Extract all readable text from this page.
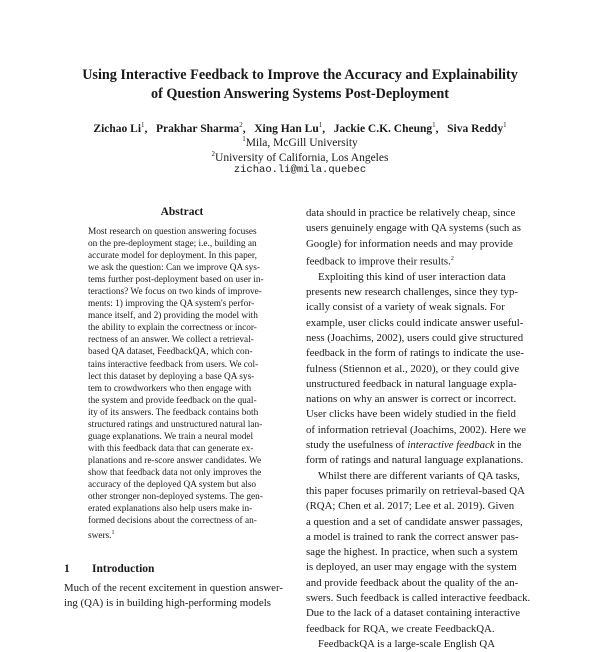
Using Interactive Feedback to Improve the Accuracy and Explainability
of Question Answering Systems Post-Deployment
Zichao Li$^1$,   Prakhar Sharma$^2$,   Xing Han Lu$^1$,   Jackie C.K. Cheung$^1$,   Siva Reddy$^1$
$^1$Mila, McGill University
$^2$University of California, Los Angeles
zichao.li@mila.quebec
Abstract
Most research on question answering focuses
on the pre-deployment stage; i.e., building an
accurate model for deployment. In this paper,
we ask the question: Can we improve QA sys-
tems further post-deployment based on user in-
teractions? We focus on two kinds of improve-
ments: 1) improving the QA system's perfor-
mance itself, and 2) providing the model with
the ability to explain the correctness or incor-
rectness of an answer. We collect a retrieval-
based QA dataset, FeedbackQA, which con-
tains interactive feedback from users. We col-
lect this dataset by deploying a base QA sys-
tem to crowdworkers who then engage with
the system and provide feedback on the qual-
ity of its answers. The feedback contains both
structured ratings and unstructured natural lan-
guage explanations. We train a neural model
with this feedback data that can generate ex-
planations and re-score answer candidates. We
show that feedback data not only improves the
accuracy of the deployed QA system but also
other stronger non-deployed systems. The gen-
erated explanations also help users make in-
formed decisions about the correctness of an-
swers.$^1$
1 Introduction
Much of the recent excitement in question answer-
ing (QA) is in building high-performing models
data should in practice be relatively cheap, since
users genuinely engage with QA systems (such as
Google) for information needs and may provide
feedback to improve their results.$^2$
Exploiting this kind of user interaction data
presents new research challenges, since they typ-
ically consist of a variety of weak signals. For
example, user clicks could indicate answer useful-
ness (Joachims, 2002), users could give structured
feedback in the form of ratings to indicate the use-
fulness (Stiennon et al., 2020), or they could give
unstructured feedback in natural language expla-
nations on why an answer is correct or incorrect.
User clicks have been widely studied in the field
of information retrieval (Joachims, 2002). Here we
study the usefulness of interactive feedback in the
form of ratings and natural language explanations.
Whilst there are different variants of QA tasks,
this paper focuses primarily on retrieval-based QA
(RQA; Chen et al. 2017; Lee et al. 2019). Given
a question and a set of candidate answer passages,
a model is trained to rank the correct answer pas-
sage the highest. In practice, when such a system
is deployed, an user may engage with the system
and provide feedback about the quality of the an-
swers. Such feedback is called interactive feedback.
Due to the lack of a dataset containing interactive
feedback for RQA, we create FeedbackQA.
FeedbackQA is a large-scale English QA
